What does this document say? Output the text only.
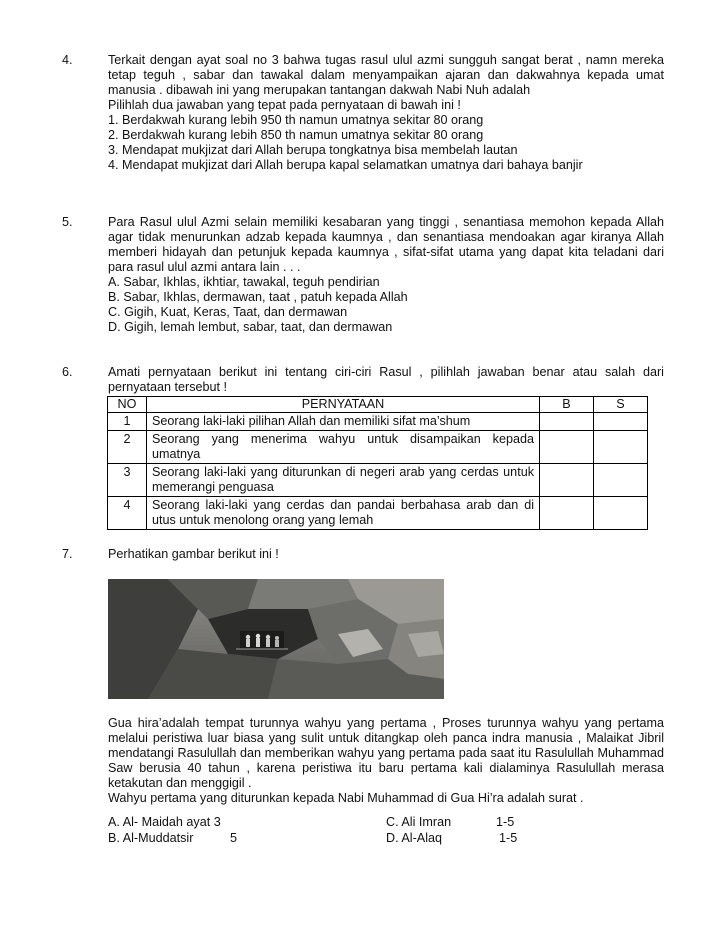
4.	Terkait dengan ayat soal no 3 bahwa tugas rasul ulul azmi sungguh sangat berat , namn mereka tetap teguh , sabar dan tawakal dalam menyampaikan ajaran dan dakwahnya kepada umat manusia . dibawah ini yang merupakan tantangan dakwah Nabi Nuh adalah
Pilihlah dua jawaban yang tepat pada pernyataan di bawah ini !
1. Berdakwah kurang lebih 950 th namun umatnya sekitar 80 orang
2. Berdakwah kurang lebih 850 th namun umatnya sekitar 80 orang
3. Mendapat mukjizat dari Allah berupa tongkatnya bisa membelah lautan
4. Mendapat mukjizat dari Allah berupa kapal selamatkan umatnya dari bahaya banjir
5.	Para Rasul ulul Azmi selain memiliki kesabaran yang tinggi , senantiasa memohon kepada Allah agar tidak menurunkan adzab kepada kaumnya , dan senantiasa mendoakan agar kiranya Allah memberi hidayah dan petunjuk kepada kaumnya , sifat-sifat utama yang dapat kita teladani dari para rasul ulul azmi antara lain . . .
A. Sabar, Ikhlas, ikhtiar, tawakal, teguh pendirian
B. Sabar, Ikhlas, dermawan, taat , patuh kepada Allah
C. Gigih, Kuat, Keras, Taat, dan dermawan
D. Gigih, lemah lembut, sabar, taat, dan dermawan
6.	Amati pernyataan berikut ini tentang ciri-ciri Rasul , pilihlah jawaban benar atau salah dari pernyataan tersebut !
NO	PERNYATAAN	B	S
1	Seorang laki-laki pilihan Allah dan memiliki sifat ma’shum		
2	Seorang yang menerima wahyu untuk disampaikan kepada umatnya		
3	Seorang laki-laki yang diturunkan di negeri arab yang cerdas untuk memerangi penguasa		
4	Seorang laki-laki yang cerdas dan pandai berbahasa arab dan di utus untuk menolong orang yang lemah		
7.	Perhatikan gambar berikut ini !
Gua hira’adalah tempat turunnya wahyu yang pertama , Proses turunnya wahyu yang pertama melalui peristiwa luar biasa yang sulit untuk ditangkap oleh panca indra manusia , Malaikat Jibril mendatangi Rasulullah dan memberikan wahyu yang pertama pada saat itu Rasulullah Muhammad Saw berusia 40 tahun , karena peristiwa itu baru pertama kali dialaminya Rasulullah merasa ketakutan dan menggigil .
Wahyu pertama yang diturunkan kepada Nabi Muhammad di Gua Hi’ra adalah surat .
A. Al- Maidah ayat 3
B. Al-Muddatsir	5
C. Ali Imran	1-5
D. Al-Alaq	1-5
